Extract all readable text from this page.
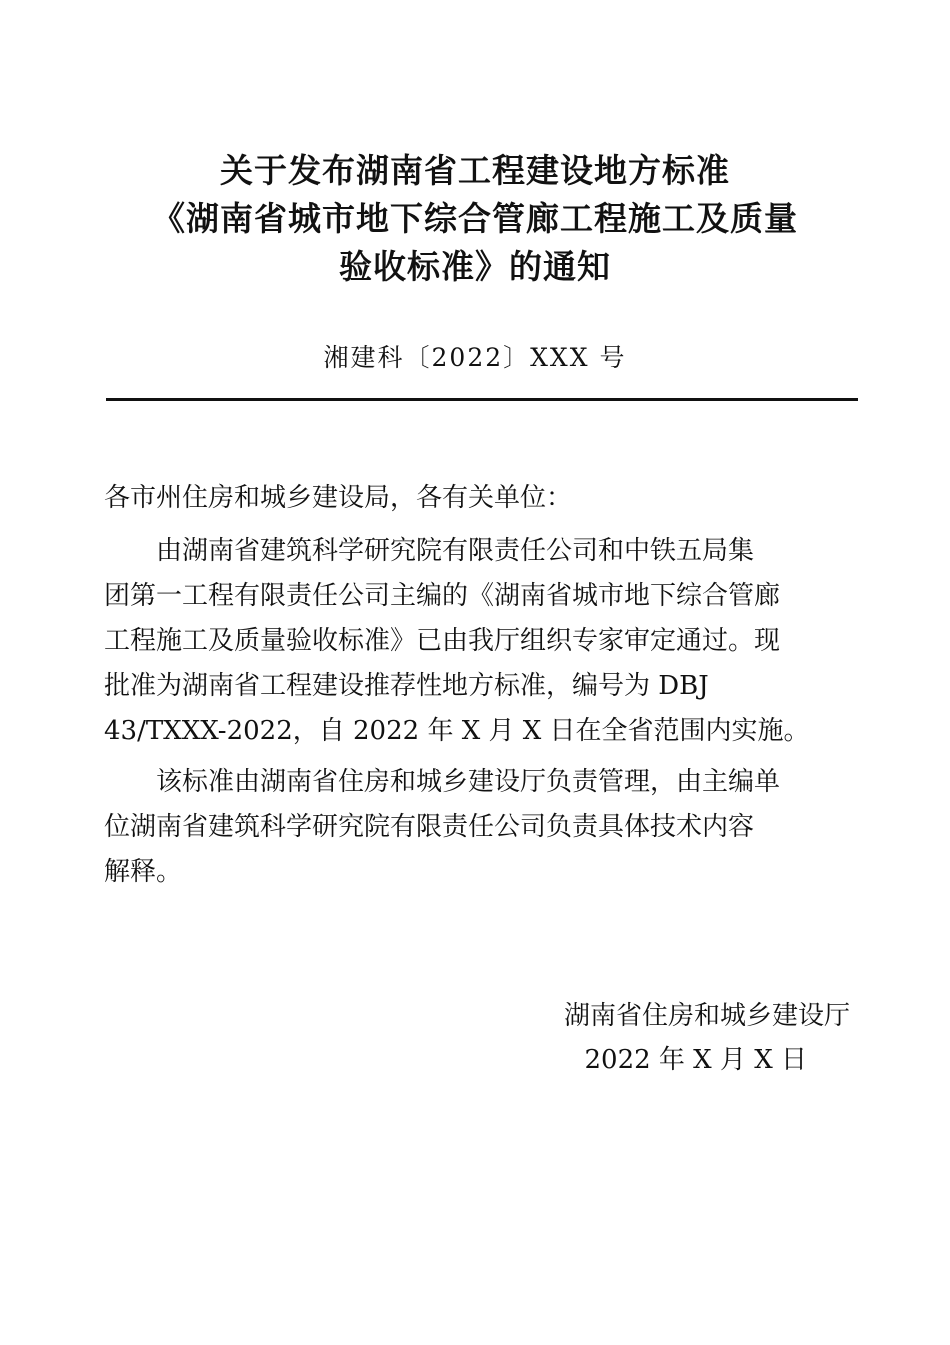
关于发布湖南省工程建设地方标准
《湖南省城市地下综合管廊工程施工及质量
验收标准》的通知
湘建科〔2022〕XXX 号
各市州住房和城乡建设局，各有关单位：
由湖南省建筑科学研究院有限责任公司和中铁五局集
团第一工程有限责任公司主编的《湖南省城市地下综合管廊
工程施工及质量验收标准》已由我厅组织专家审定通过。现
批准为湖南省工程建设推荐性地方标准，编号为 DBJ
43/TXXX-2022，自 2022 年 X 月 X 日在全省范围内实施。
该标准由湖南省住房和城乡建设厅负责管理，由主编单
位湖南省建筑科学研究院有限责任公司负责具体技术内容
解释。
湖南省住房和城乡建设厅
2022 年 X 月 X 日
